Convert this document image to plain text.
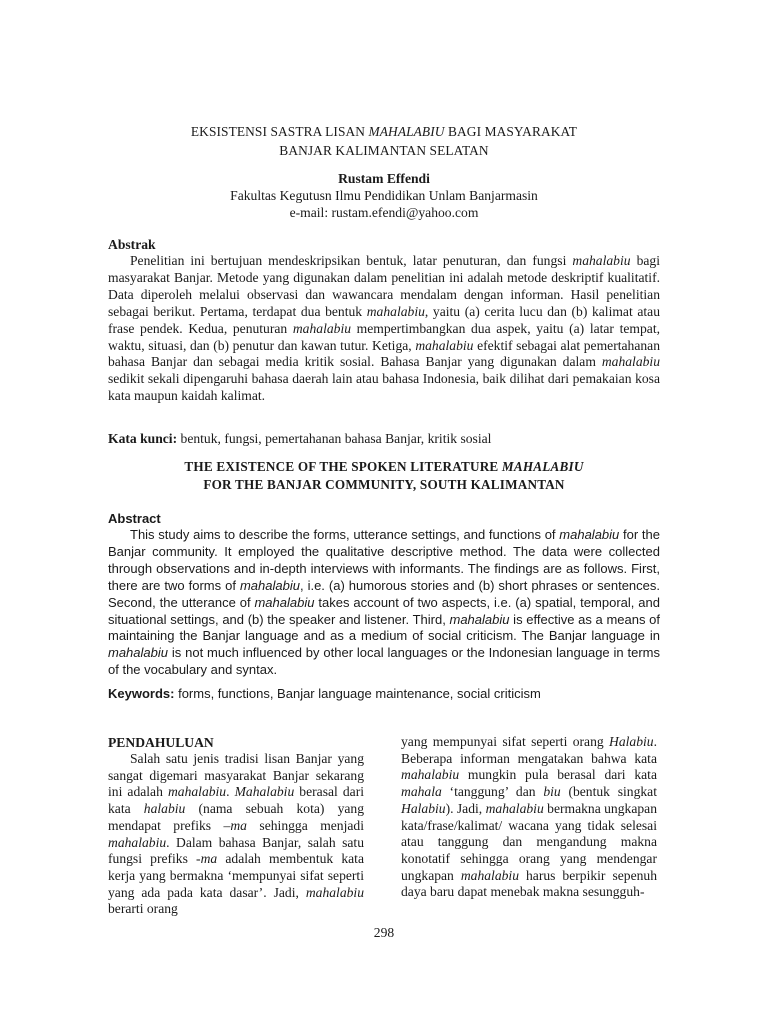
EKSISTENSI SASTRA LISAN MAHALABIU BAGI MASYARAKAT
BANJAR KALIMANTAN SELATAN
Rustam Effendi
Fakultas Kegutusn Ilmu Pendidikan Unlam Banjarmasin
e-mail: rustam.efendi@yahoo.com
Abstrak

Penelitian ini bertujuan mendeskripsikan bentuk, latar penuturan, dan fungsi mahalabiu bagi masyarakat Banjar. Metode yang digunakan dalam penelitian ini adalah metode deskriptif kualitatif. Data diperoleh melalui observasi dan wawancara mendalam dengan informan. Hasil penelitian sebagai berikut. Pertama, terdapat dua bentuk mahalabiu, yaitu (a) cerita lucu dan (b) kalimat atau frase pendek. Kedua, penuturan mahalabiu mempertimbangkan dua aspek, yaitu (a) latar tempat, waktu, situasi, dan (b) penutur dan kawan tutur. Ketiga, mahalabiu efektif sebagai alat pemertahanan bahasa Banjar dan sebagai media kritik sosial. Bahasa Banjar yang digunakan dalam mahalabiu sedikit sekali dipengaruhi bahasa daerah lain atau bahasa Indonesia, baik dilihat dari pemakaian kosa kata maupun kaidah kalimat.

Kata kunci: bentuk, fungsi, pemertahanan bahasa Banjar, kritik sosial
THE EXISTENCE OF THE SPOKEN LITERATURE MAHALABIU
FOR THE BANJAR COMMUNITY, SOUTH KALIMANTAN
Abstract

This study aims to describe the forms, utterance settings, and functions of mahalabiu for the Banjar community. It employed the qualitative descriptive method. The data were collected through observations and in-depth interviews with informants. The findings are as follows. First, there are two forms of mahalabiu, i.e. (a) humorous stories and (b) short phrases or sentences. Second, the utterance of mahalabiu takes account of two aspects, i.e. (a) spatial, temporal, and situational settings, and (b) the speaker and listener. Third, mahalabiu is effective as a means of maintaining the Banjar language and as a medium of social criticism. The Banjar language in mahalabiu is not much influenced by other local languages or the Indonesian language in terms of the vocabulary and syntax.

Keywords: forms, functions, Banjar language maintenance, social criticism
PENDAHULUAN

Salah satu jenis tradisi lisan Banjar yang sangat digemari masyarakat Banjar sekarang ini adalah mahalabiu. Mahalabiu berasal dari kata halabiu (nama sebuah kota) yang mendapat prefiks –ma sehingga menjadi mahalabiu. Dalam bahasa Banjar, salah satu fungsi prefiks -ma adalah membentuk kata kerja yang bermakna ‘mempunyai sifat seperti yang ada pada kata dasar’. Jadi, mahalabiu berarti orang

yang mempunyai sifat seperti orang Halabiu. Beberapa informan mengatakan bahwa kata mahalabiu mungkin pula berasal dari kata mahala ‘tanggung’ dan biu (bentuk singkat Halabiu). Jadi, mahalabiu bermakna ungkapan kata/frase/kalimat/ wacana yang tidak selesai atau tanggung dan mengandung makna konotatif sehingga orang yang mendengar ungkapan mahalabiu harus berpikir sepenuh daya baru dapat menebak makna sesungguh-

298
